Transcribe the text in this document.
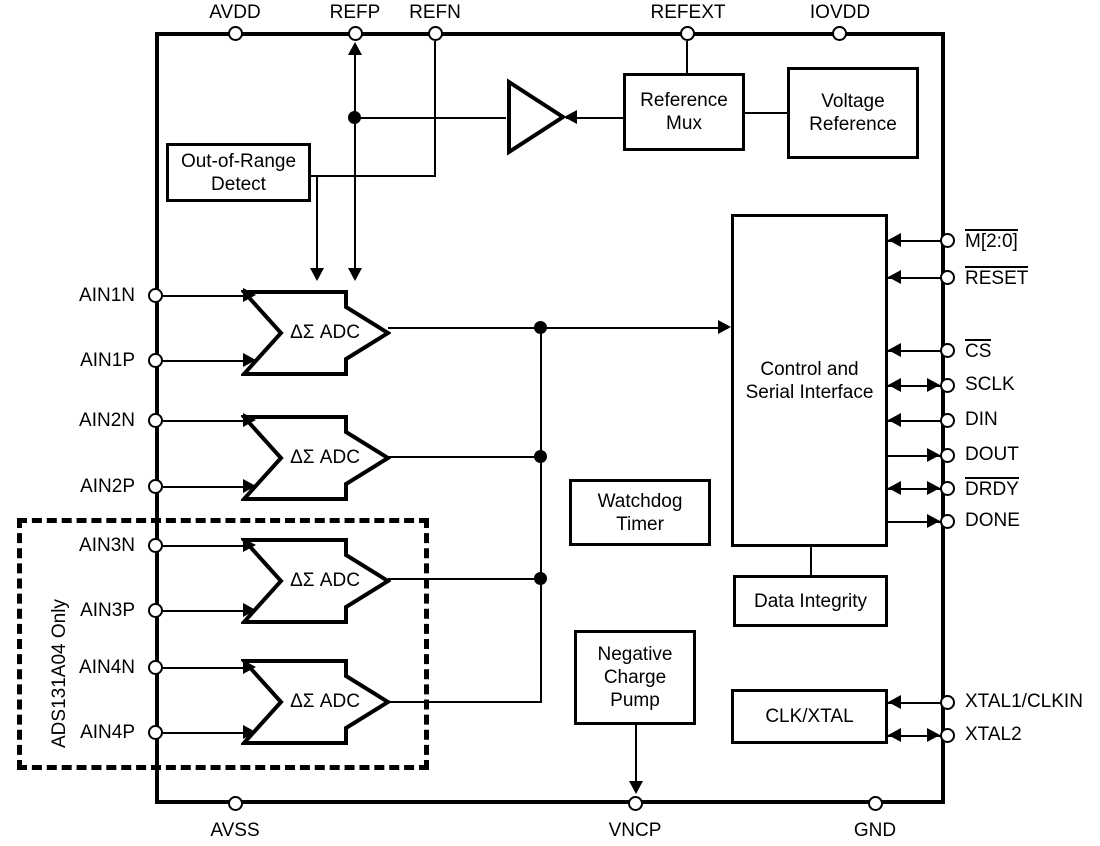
AVDD	REFP	REFN	REFEXT	IOVDD
AVSS	VNCP	GND
Reference
Mux
Voltage
Reference
Out-of-Range
Detect
Control and
Serial Interface
Watchdog
Timer
Data Integrity
Negative
Charge
Pump
CLK/XTAL
ADS131A04 Only
ΔΣ ADC
ΔΣ ADC
ΔΣ ADC
ΔΣ ADC
AIN1N
AIN1P
AIN2N
AIN2P
AIN3N
AIN3P
AIN4N
AIN4P
M[2:0]
RESET
CS
SCLK
DIN
DOUT
DRDY
DONE
XTAL1/CLKIN
XTAL2
